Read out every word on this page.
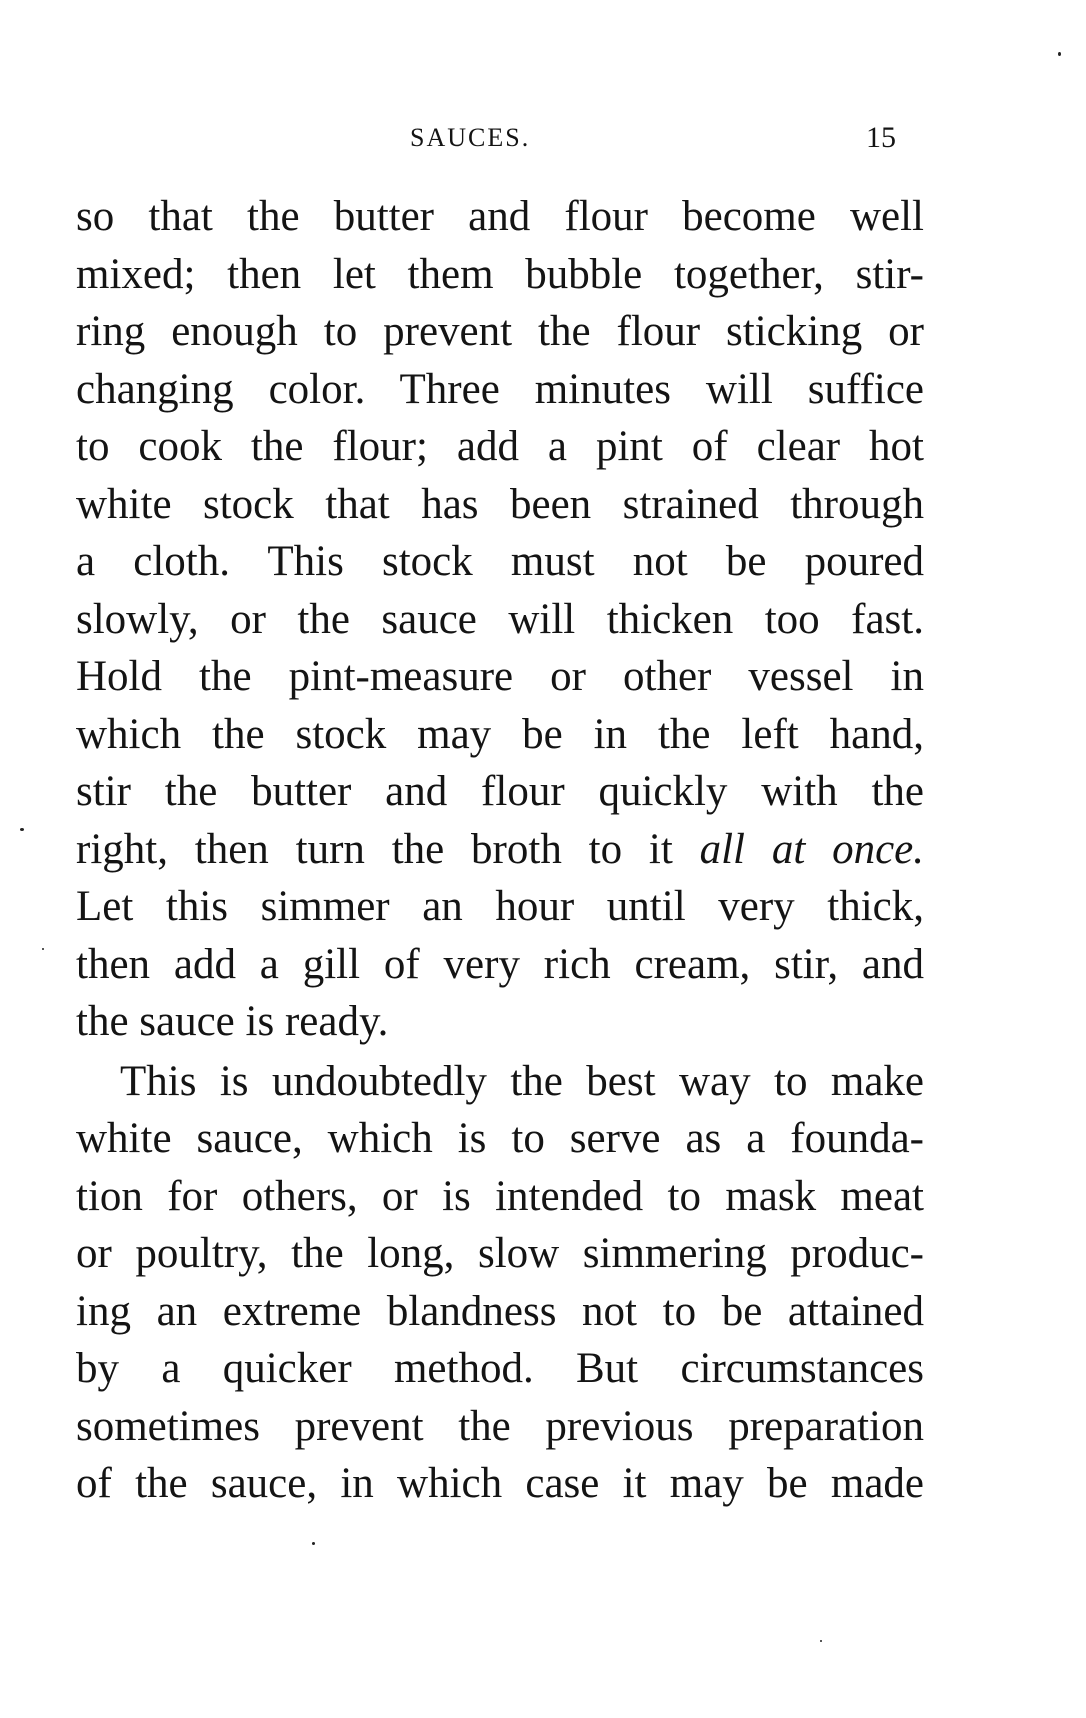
SAUCES.	15
so that the butter and flour become well
mixed; then let them bubble together, stir-
ring enough to prevent the flour sticking or
changing color. Three minutes will suffice
to cook the flour; add a pint of clear hot
white stock that has been strained through
a cloth. This stock must not be poured
slowly, or the sauce will thicken too fast.
Hold the pint-measure or other vessel in
which the stock may be in the left hand,
stir the butter and flour quickly with the
right, then turn the broth to it all at once.
Let this simmer an hour until very thick,
then add a gill of very rich cream, stir, and
the sauce is ready.
This is undoubtedly the best way to make
white sauce, which is to serve as a founda-
tion for others, or is intended to mask meat
or poultry, the long, slow simmering produc-
ing an extreme blandness not to be attained
by a quicker method. But circumstances
sometimes prevent the previous preparation
of the sauce, in which case it may be made
